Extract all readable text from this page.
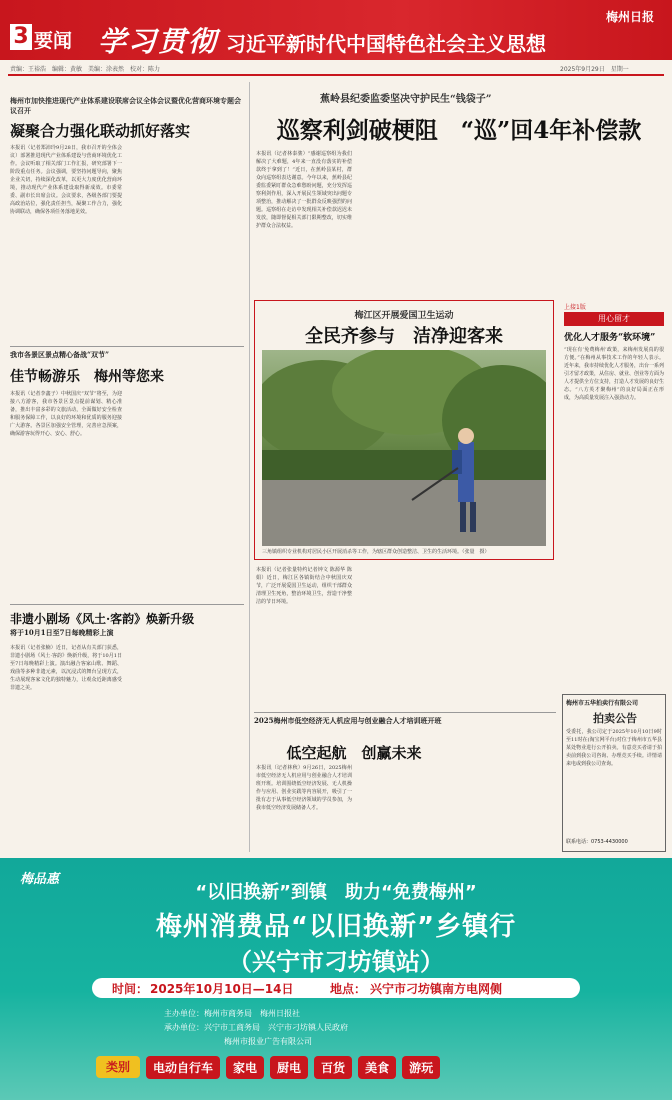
3 要闻 学习贯彻 习近平新时代中国特色社会主义思想
梅州日报
责编：王裕浩　编辑：黄敏　美编：涂表然　校对：陈力	2025年9月29日　星期一
梅州市加快推进现代产业体系建设联席会议全体会议暨优化营商环境专题会议召开
凝聚合力强化联动抓好落实
本报讯（记者郑沛玲9月28日，我市召开的全体会议）部署推进现代产业体系建设与营商环境优化工作。会议听取了相关部门工作汇报，研究部署下一阶段重点任务。会议强调，要坚持问题导向，聚焦企业关切，持续深化改革，以更大力度优化营商环境，推动现代产业体系建设取得新成效。市委常委、副市长出席会议。会议要求，各级各部门要提高政治站位，强化责任担当，凝聚工作合力，强化协调联动，确保各项任务落地见效。
我市各景区景点精心备战“双节”
佳节畅游乐　梅州等您来
本报讯（记者李鑫子）中秋国庆“双节”将至，为迎接八方游客，我市各景区景点提前谋划、精心准备，推出丰富多彩的文旅活动，全面做好安全检查和服务保障工作，以良好的环境和优质的服务迎接广大游客。各景区加强安全管理，完善应急预案，确保游客玩得开心、安心、舒心。
非遗小剧场《风土·客韵》焕新升级
将于10月1日至7日每晚精彩上演
本报讯（记者张楠）近日，记者从有关部门获悉，非遗小剧场《风土·客韵》焕新升级，将于10月1日至7日每晚精彩上演。演出融合客家山歌、舞蹈、戏曲等多种非遗元素，以沉浸式的舞台呈现方式，生动展现客家文化的独特魅力，让观众近距离感受非遗之美。
蕉岭县纪委监委坚决守护民生“钱袋子”
巡察利剑破梗阻　“巡”回4年补偿款
本报讯（记者林泰骏）“感谢巡察组为我们解决了大难题，4年来一直没有落实的补偿款终于拿到了！”近日，在蕉岭县某村，群众向巡察组表达谢意。今年以来，蕉岭县纪委监委紧盯群众急难愁盼问题，充分发挥巡察利剑作用，深入开展民生领域突出问题专项整治，推动解决了一批群众反映强烈的问题。巡察组在走访中发现相关补偿款迟迟未发放，随即督促相关部门限期整改，切实维护群众合法权益。
梅江区开展爱国卫生运动
全民齐参与　洁净迎客来
三角镇组织专业机构对居民小区开展消杀等工作，为辖区群众创造整洁、卫生的生活环境。（张量　摄）
本报讯（记者张量特约记者钟文 陈源华 陈娟）近日，梅江区各镇街结合中秋国庆双节，广泛开展爱国卫生运动，组织干部群众清理卫生死角，整治环境卫生，营造干净整洁的节日环境。
2025梅州市低空经济无人机应用与创业融合人才培训班开班
低空起航　创赢未来
本报讯（记者林秋）9月26日，2025梅州市低空经济无人机应用与创业融合人才培训班开班。培训围绕低空经济发展、无人机操作与应用、创业实践等内容展开，吸引了一批有志于从事低空经济领域的学员参加，为我市低空经济发展储备人才。
上接1版
用心留才
优化人才服务“软环境”
“现在有‘免费梅州’政策，来梅州发展真的很方便。”在梅州从事技术工作的年轻人表示。近年来，我市持续优化人才服务，出台一系列引才留才政策，从住房、就业、创业等方面为人才提供全方位支持，打造人才发展的良好生态。“八方英才聚梅州”的良好局面正在形成，为高质量发展注入强劲动力。
梅州市五华拍卖行有限公司
拍卖公告
受委托，我公司定于2025年10月10日9时至11时在(淘宝网平台)对位于梅州市五华县某处物业进行公开拍卖。有意竞买者请于拍卖前到我公司咨询、办理竞买手续。详情请来电或到我公司查询。
联系电话：0753-4430000
梅品惠
“以旧换新”到镇　助力“免费梅州”
梅州消费品“以旧换新”乡镇行
（兴宁市刁坊镇站）
时间： 2025年10月10日—14日	地点： 兴宁市刁坊镇南方电网侧
主办单位：梅州市商务局　梅州日报社
承办单位：兴宁市工商务局　兴宁市刁坊镇人民政府
梅州市报业广告有限公司
类别	电动自行车	家电	厨电	百货	美食	游玩
